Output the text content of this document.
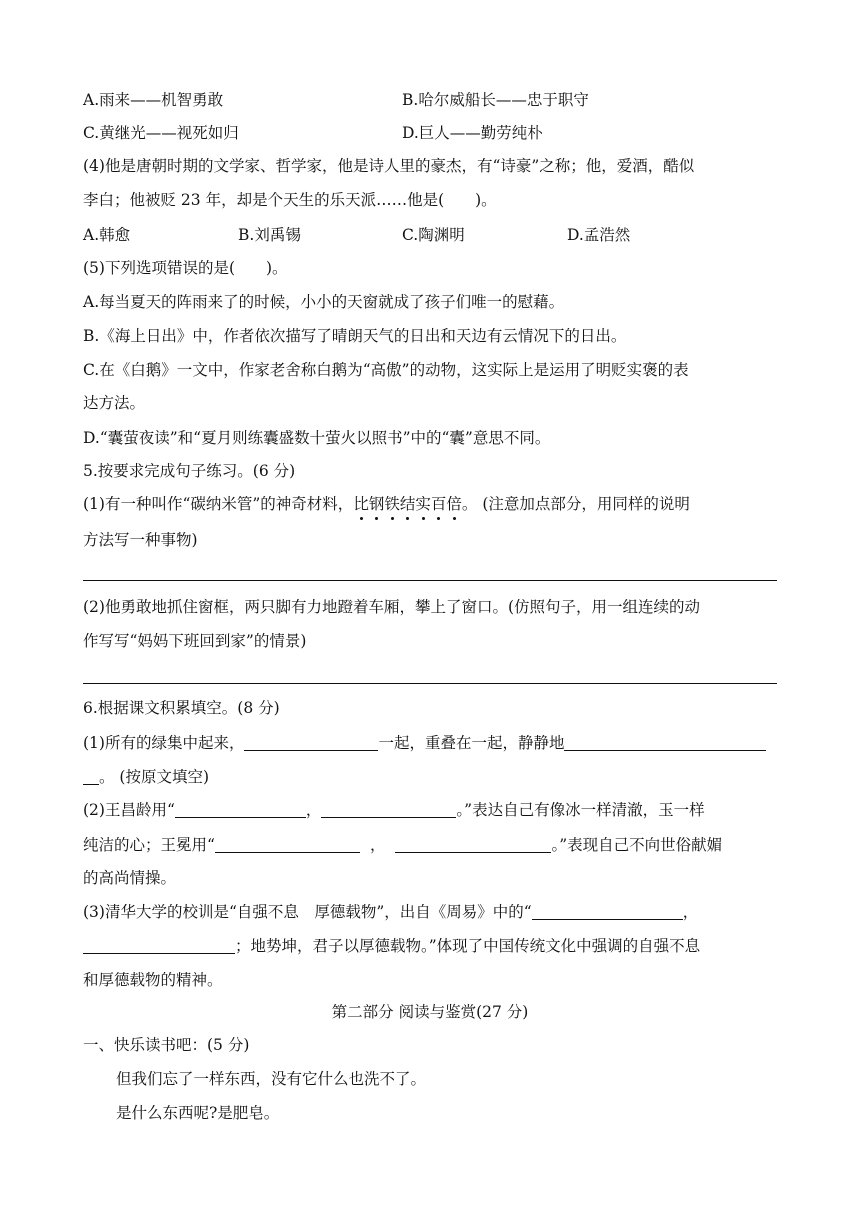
A.雨来——机智勇敢	B.哈尔威船长——忠于职守
C.黄继光——视死如归	D.巨人——勤劳纯朴
(4)他是唐朝时期的文学家、哲学家，他是诗人里的豪杰，有“诗豪”之称；他，爱酒，酷似
李白；他被贬 23 年，却是个天生的乐天派……他是(　　)。
A.韩愈	B.刘禹锡	C.陶渊明	D.孟浩然
(5)下列选项错误的是(　　)。
A.每当夏天的阵雨来了的时候，小小的天窗就成了孩子们唯一的慰藉。
B.《海上日出》中，作者依次描写了晴朗天气的日出和天边有云情况下的日出。
C.在《白鹅》一文中，作家老舍称白鹅为“高傲”的动物，这实际上是运用了明贬实褒的表
达方法。
D.“囊萤夜读”和“夏月则练囊盛数十萤火以照书”中的“囊”意思不同。
5.按要求完成句子练习。(6 分)
(1)有一种叫作“碳纳米管”的神奇材料，比钢铁结实百倍。 (注意加点部分，用同样的说明
方法写一种事物)
(2)他勇敢地抓住窗框，两只脚有力地蹬着车厢，攀上了窗口。(仿照句子，用一组连续的动
作写写“妈妈下班回到家”的情景)
6.根据课文积累填空。(8 分)
(1)所有的绿集中起来，	一起，重叠在一起，静静地
。 (按原文填空)
(2)王昌龄用“	，	。”表达自己有像冰一样清澈，玉一样
纯洁的心；王冕用“	，	。”表现自己不向世俗献媚
的高尚情操。
(3)清华大学的校训是“自强不息　厚德载物”，出自《周易》中的“	，
；地势坤，君子以厚德载物。”体现了中国传统文化中强调的自强不息
和厚德载物的精神。
第二部分 阅读与鉴赏(27 分)
一、快乐读书吧：(5 分)
但我们忘了一样东西，没有它什么也洗不了。
是什么东西呢?是肥皂。
